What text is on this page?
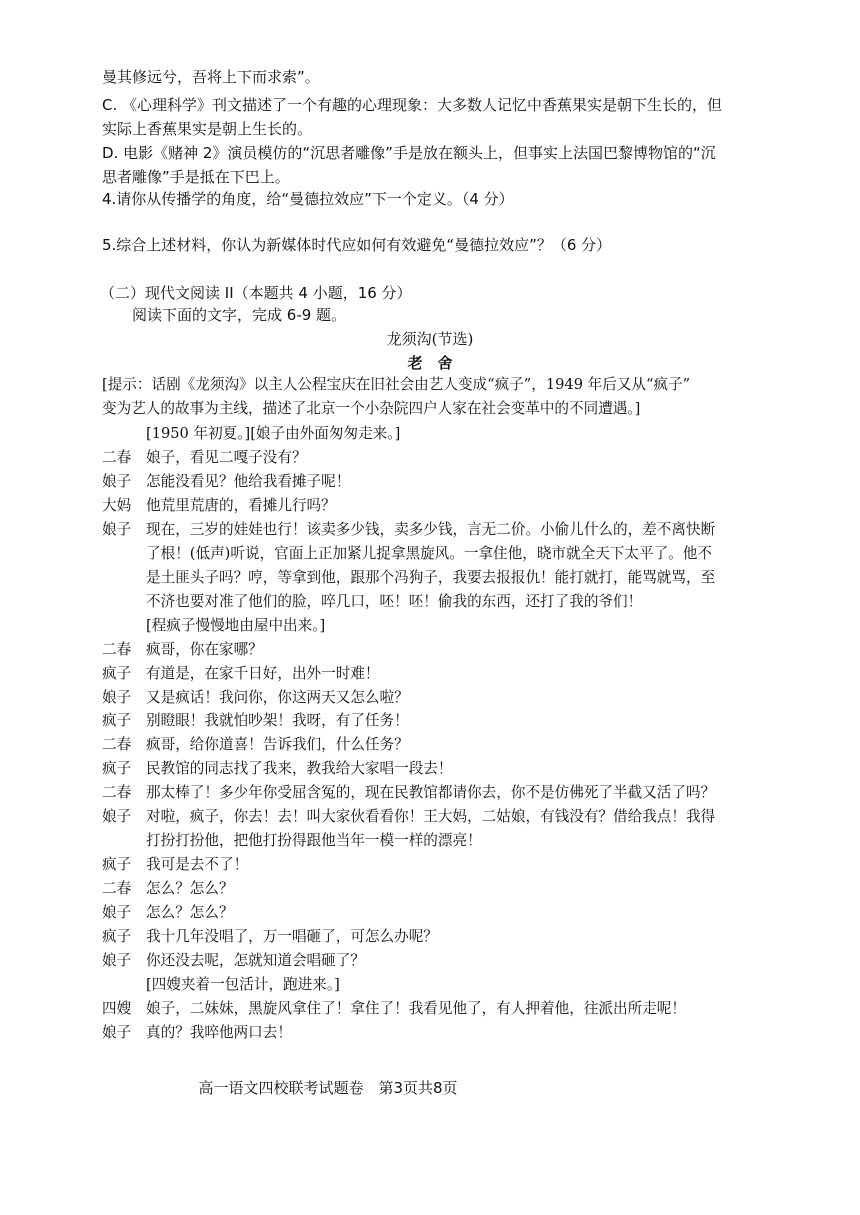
曼其修远兮，吾将上下而求索”。
C. 《心理科学》刊文描述了一个有趣的心理现象：大多数人记忆中香蕉果实是朝下生长的，但
实际上香蕉果实是朝上生长的。
D. 电影《赌神 2》演员模仿的“沉思者雕像”手是放在额头上，但事实上法国巴黎博物馆的“沉
思者雕像”手是抵在下巴上。
4.请你从传播学的角度，给“曼德拉效应”下一个定义。（4 分）
5.综合上述材料，你认为新媒体时代应如何有效避免“曼德拉效应”？（6 分）
（二）现代文阅读 II（本题共 4 小题，16 分）
阅读下面的文字，完成 6-9 题。
龙须沟(节选)
老　舍
[提示：话剧《龙须沟》以主人公程宝庆在旧社会由艺人变成“疯子”，1949 年后又从“疯子”
变为艺人的故事为主线，描述了北京一个小杂院四户人家在社会变革中的不同遭遇。]
[1950 年初夏。][娘子由外面匆匆走来。]
二春 娘子，看见二嘎子没有？
娘子 怎能没看见？他给我看摊子呢！
大妈 他荒里荒唐的，看摊儿行吗？
娘子 现在，三岁的娃娃也行！该卖多少钱，卖多少钱，言无二价。小偷儿什么的，差不离快断
了根！(低声)听说，官面上正加紧儿捉拿黑旋风。一拿住他，晓市就全天下太平了。他不
是土匪头子吗？哼，等拿到他，跟那个冯狗子，我要去报报仇！能打就打，能骂就骂，至
不济也要对准了他们的脸，啐几口，呸！呸！偷我的东西，还打了我的爷们！
[程疯子慢慢地由屋中出来。]
二春 疯哥，你在家哪？
疯子 有道是，在家千日好，出外一时难！
娘子 又是疯话！我问你，你这两天又怎么啦？
疯子 别瞪眼！我就怕吵架！我呀，有了任务！
二春 疯哥，给你道喜！告诉我们，什么任务？
疯子 民教馆的同志找了我来，教我给大家唱一段去！
二春 那太棒了！多少年你受屈含冤的，现在民教馆都请你去，你不是仿佛死了半截又活了吗？
娘子 对啦，疯子，你去！去！叫大家伙看看你！王大妈，二姑娘，有钱没有？借给我点！我得
打扮打扮他，把他打扮得跟他当年一模一样的漂亮！
疯子 我可是去不了！
二春 怎么？怎么？
娘子 怎么？怎么？
疯子 我十几年没唱了，万一唱砸了，可怎么办呢？
娘子 你还没去呢，怎就知道会唱砸了？
[四嫂夹着一包活计，跑进来。]
四嫂 娘子，二妹妹，黑旋风拿住了！拿住了！我看见他了，有人押着他，往派出所走呢！
娘子 真的？我啐他两口去！
高一语文四校联考试题卷　第3页共8页
